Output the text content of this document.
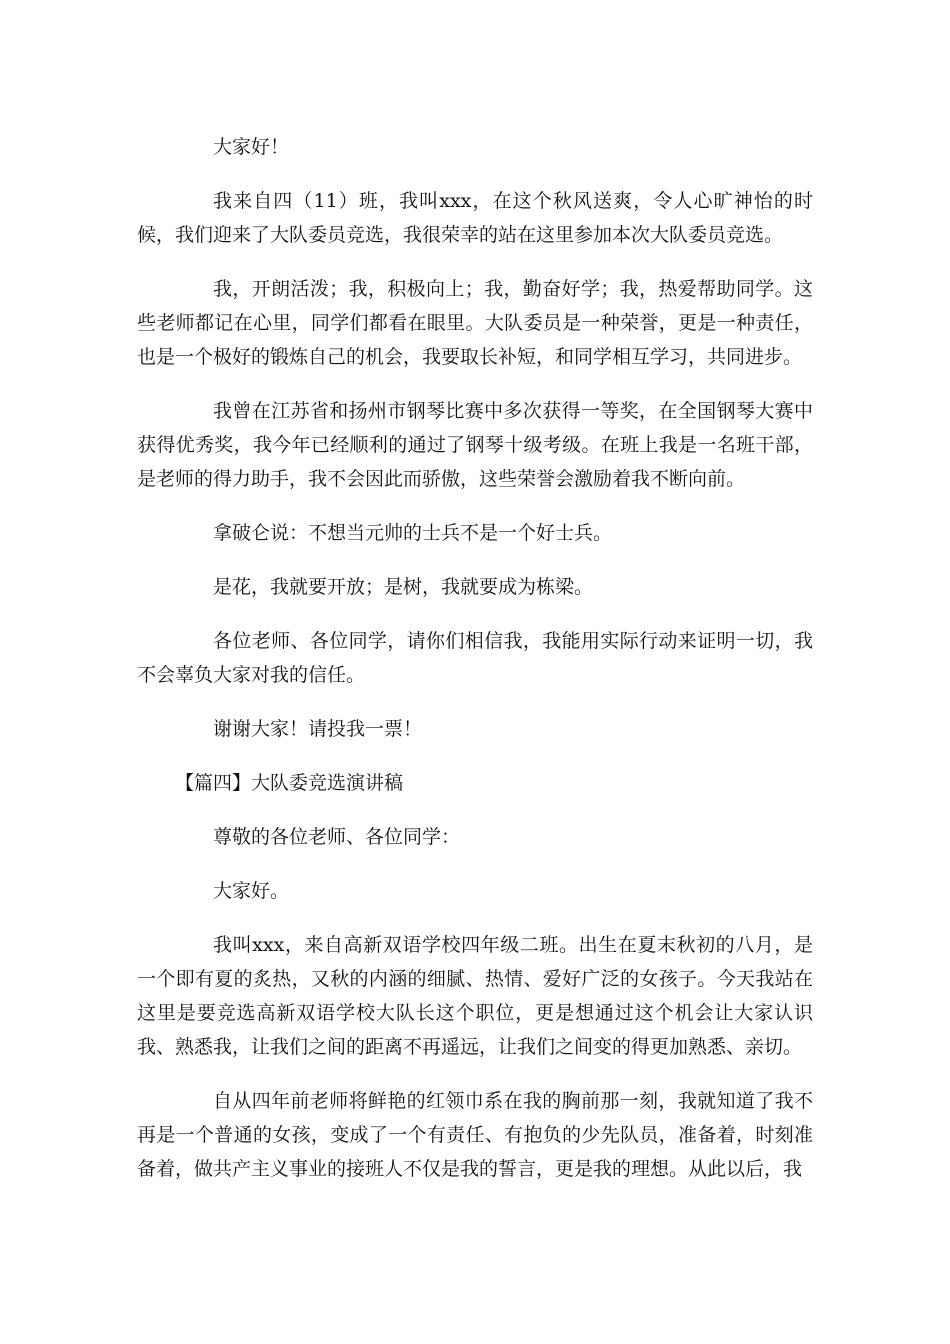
大家好！

我来自四（11）班，我叫xxx，在这个秋风送爽，令人心旷神怡的时候，我们迎来了大队委员竞选，我很荣幸的站在这里参加本次大队委员竞选。

我，开朗活泼；我，积极向上；我，勤奋好学；我，热爱帮助同学。这些老师都记在心里，同学们都看在眼里。大队委员是一种荣誉，更是一种责任，也是一个极好的锻炼自己的机会，我要取长补短，和同学相互学习，共同进步。

我曾在江苏省和扬州市钢琴比赛中多次获得一等奖，在全国钢琴大赛中获得优秀奖，我今年已经顺利的通过了钢琴十级考级。在班上我是一名班干部，是老师的得力助手，我不会因此而骄傲，这些荣誉会激励着我不断向前。

拿破仑说：不想当元帅的士兵不是一个好士兵。

是花，我就要开放；是树，我就要成为栋梁。

各位老师、各位同学，请你们相信我，我能用实际行动来证明一切，我不会辜负大家对我的信任。

谢谢大家！请投我一票！

【篇四】大队委竞选演讲稿

尊敬的各位老师、各位同学：

大家好。

我叫xxx，来自高新双语学校四年级二班。出生在夏末秋初的八月，是一个即有夏的炙热，又秋的内涵的细腻、热情、爱好广泛的女孩子。今天我站在这里是要竞选高新双语学校大队长这个职位，更是想通过这个机会让大家认识我、熟悉我，让我们之间的距离不再遥远，让我们之间变的得更加熟悉、亲切。

自从四年前老师将鲜艳的红领巾系在我的胸前那一刻，我就知道了我不再是一个普通的女孩，变成了一个有责任、有抱负的少先队员，准备着，时刻准备着，做共产主义事业的接班人不仅是我的誓言，更是我的理想。从此以后，我
